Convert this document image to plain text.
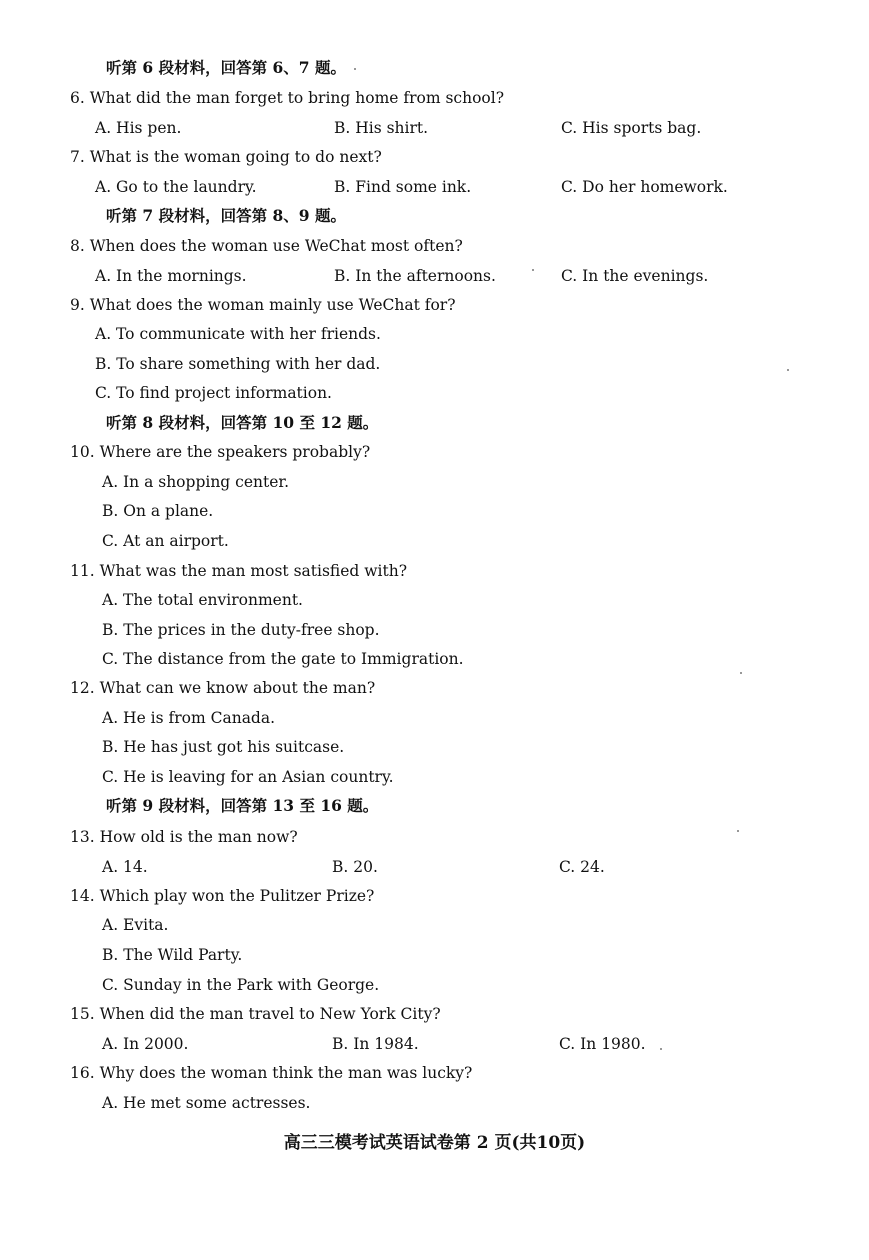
听第 6 段材料，回答第 6、7 题。
6. What did the man forget to bring home from school?
A. His pen.	B. His shirt.	C. His sports bag.
7. What is the woman going to do next?
A. Go to the laundry.	B. Find some ink.	C. Do her homework.
听第 7 段材料，回答第 8、9 题。
8. When does the woman use WeChat most often?
A. In the mornings.	B. In the afternoons.	C. In the evenings.
9. What does the woman mainly use WeChat for?
A. To communicate with her friends.
B. To share something with her dad.
C. To find project information.
听第 8 段材料，回答第 10 至 12 题。
10. Where are the speakers probably?
A. In a shopping center.
B. On a plane.
C. At an airport.
11. What was the man most satisfied with?
A. The total environment.
B. The prices in the duty-free shop.
C. The distance from the gate to Immigration.
12. What can we know about the man?
A. He is from Canada.
B. He has just got his suitcase.
C. He is leaving for an Asian country.
听第 9 段材料，回答第 13 至 16 题。
13. How old is the man now?
A. 14.	B. 20.	C. 24.
14. Which play won the Pulitzer Prize?
A. Evita.
B. The Wild Party.
C. Sunday in the Park with George.
15. When did the man travel to New York City?
A. In 2000.	B. In 1984.	C. In 1980.
16. Why does the woman think the man was lucky?
A. He met some actresses.
高三三模考试英语试卷第 2 页(共10页)
